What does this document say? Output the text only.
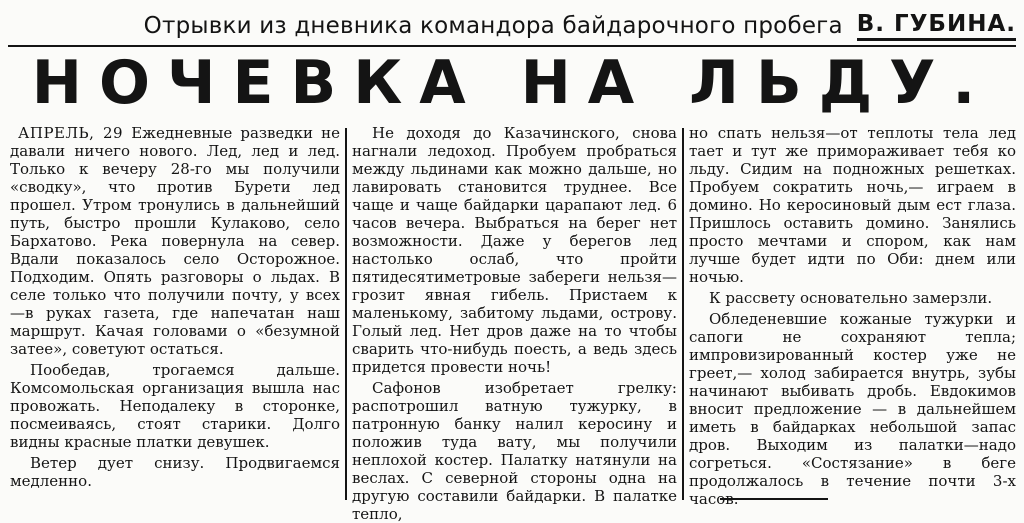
Отрывки из дневника командора байдарочного пробега В. ГУБИНА.
НОЧЕВКА НА ЛЬДУ.

АПРЕЛЬ, 29 Ежедневные разведки не давали ничего нового. Лед, лед и лед. Только к вечеру 28-го мы получили «сводку», что против Бурети лед прошел. Утром тронулись в дальнейший путь, быстро прошли Кулаково, село Бархатово. Река повернула на север. Вдали показалось село Осторожное. Подходим. Опять разговоры о льдах. В селе только что получили почту, у всех—в руках газета, где напечатан наш маршрут. Качая головами о «безумной затее», советуют остаться.

Пообедав, трогаемся дальше. Комсомольская организация вышла нас провожать. Неподалеку в сторонке, посмеиваясь, стоят старики. Долго видны красные платки девушек.

Ветер дует снизу. Продвигаемся медленно.

Не доходя до Казачинского, снова нагнали ледоход. Пробуем пробраться между льдинами как можно дальше, но лавировать становится труднее. Все чаще и чаще байдарки царапают лед. 6 часов вечера. Выбраться на берег нет возможности. Даже у берегов лед настолько ослаб, что пройти пятидесятиметровые забереги нельзя— грозит явная гибель. Пристаем к маленькому, забитому льдами, острову. Голый лед. Нет дров даже на то чтобы сварить что-нибудь поесть, а ведь здесь придется провести ночь!

Сафонов изобретает грелку: распотрошил ватную тужурку, в патронную банку налил керосину и положив туда вату, мы получили неплохой костер. Палатку натянули на веслах. С северной стороны одна на другую составили байдарки. В палатке тепло,

но спать нельзя—от теплоты тела лед тает и тут же примораживает тебя ко льду. Сидим на подножных решетках. Пробуем сократить ночь,— играем в домино. Но керосиновый дым ест глаза. Пришлось оставить домино. Занялись просто мечтами и спором, как нам лучше будет идти по Оби: днем или ночью.

К рассвету основательно замерзли.

Обледеневшие кожаные тужурки и сапоги не сохраняют тепла; импровизированный костер уже не греет,— холод забирается внутрь, зубы начинают выбивать дробь. Евдокимов вносит предложение — в дальнейшем иметь в байдарках небольшой запас дров. Выходим из палатки—надо согреться. «Состязание» в беге продолжалось в течение почти 3-х часов.
